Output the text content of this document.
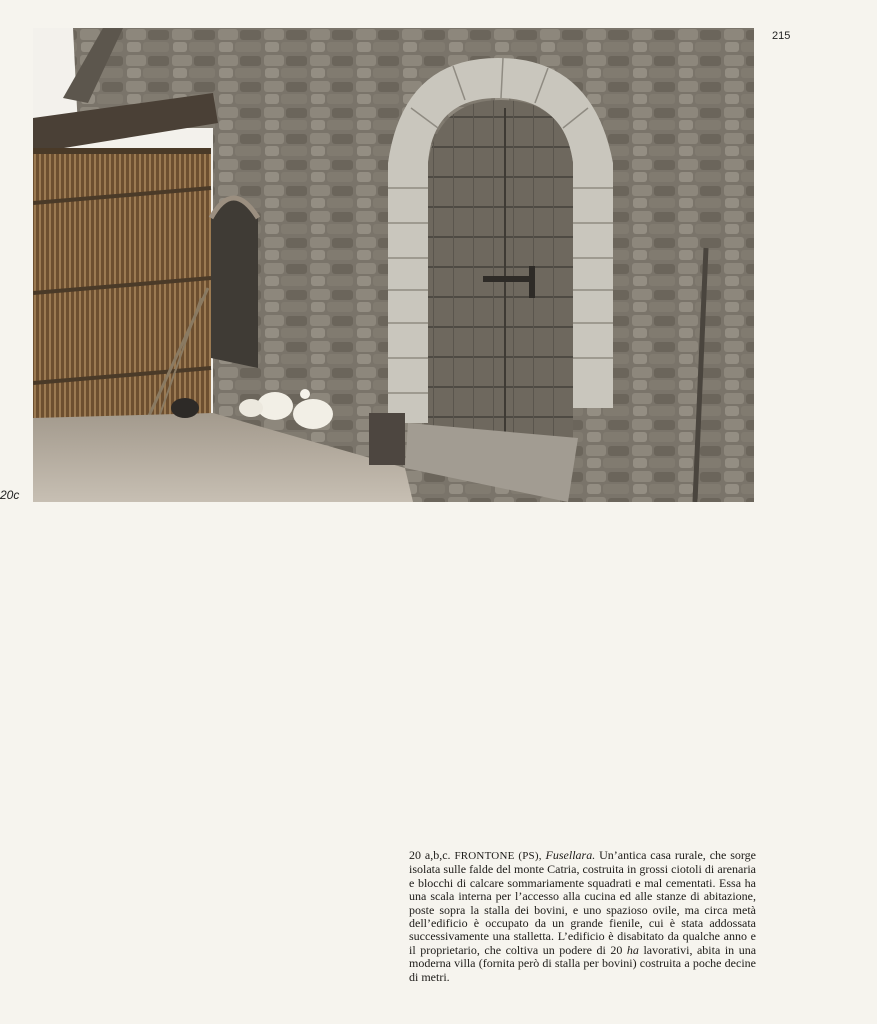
215
20c
20 a,b,c. FRONTONE (PS), Fusellara. Un’antica casa rurale, che sorge isolata sulle falde del monte Catria, costruita in grossi ciotoli di arenaria e blocchi di calcare sommariamente squadrati e mal cementati. Essa ha una scala interna per l’accesso alla cucina ed alle stanze di abitazione, poste sopra la stalla dei bovini, e uno spazioso ovile, ma circa metà dell’edificio è occupato da un grande fienile, cui è stata addossata successivamente una stalletta. L’edificio è disabitato da qualche anno e il proprietario, che coltiva un podere di 20 ha lavorativi, abita in una moderna villa (fornita però di stalla per bovini) costruita a poche decine di metri.
